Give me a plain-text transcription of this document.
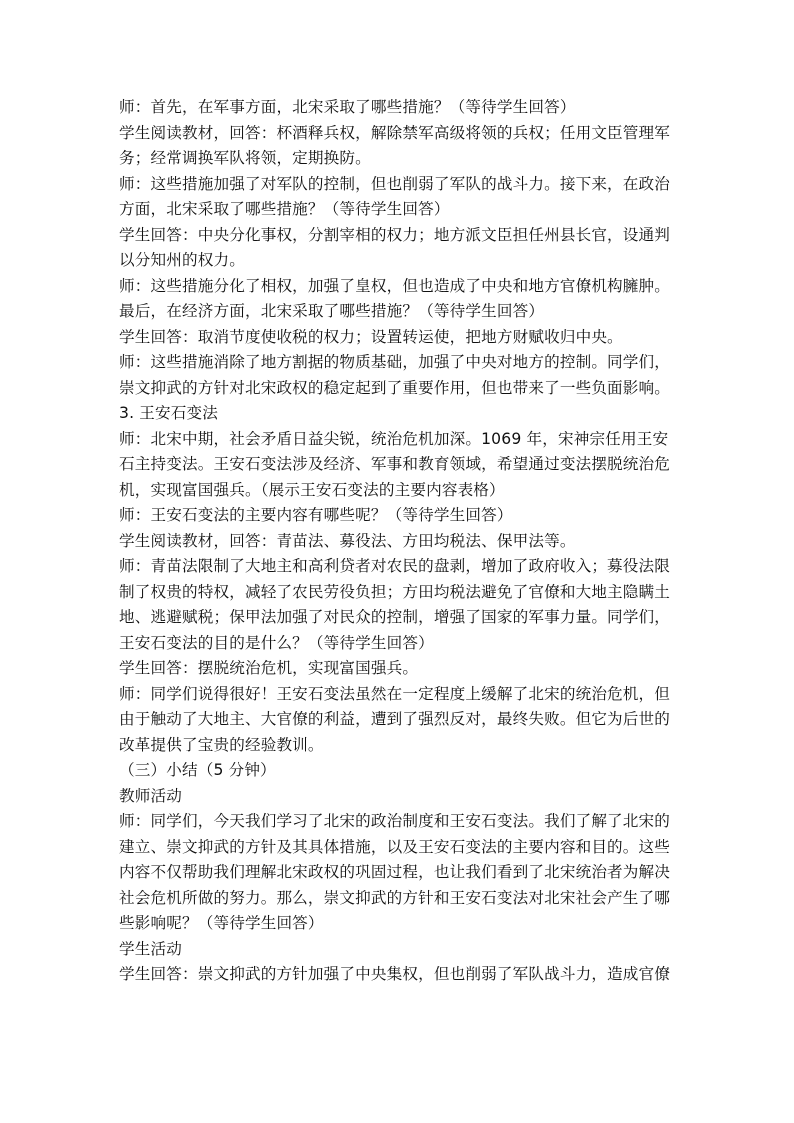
师：首先，在军事方面，北宋采取了哪些措施？（等待学生回答）
学生阅读教材，回答：杯酒释兵权，解除禁军高级将领的兵权；任用文臣管理军
务；经常调换军队将领，定期换防。
师：这些措施加强了对军队的控制，但也削弱了军队的战斗力。接下来，在政治
方面，北宋采取了哪些措施？（等待学生回答）
学生回答：中央分化事权，分割宰相的权力；地方派文臣担任州县长官，设通判
以分知州的权力。
师：这些措施分化了相权，加强了皇权，但也造成了中央和地方官僚机构臃肿。
最后，在经济方面，北宋采取了哪些措施？（等待学生回答）
学生回答：取消节度使收税的权力；设置转运使，把地方财赋收归中央。
师：这些措施消除了地方割据的物质基础，加强了中央对地方的控制。同学们，
崇文抑武的方针对北宋政权的稳定起到了重要作用，但也带来了一些负面影响。
3. 王安石变法
师：北宋中期，社会矛盾日益尖锐，统治危机加深。1069 年，宋神宗任用王安
石主持变法。王安石变法涉及经济、军事和教育领域，希望通过变法摆脱统治危
机，实现富国强兵。（展示王安石变法的主要内容表格）
师：王安石变法的主要内容有哪些呢？（等待学生回答）
学生阅读教材，回答：青苗法、募役法、方田均税法、保甲法等。
师：青苗法限制了大地主和高利贷者对农民的盘剥，增加了政府收入；募役法限
制了权贵的特权，减轻了农民劳役负担；方田均税法避免了官僚和大地主隐瞒土
地、逃避赋税；保甲法加强了对民众的控制，增强了国家的军事力量。同学们，
王安石变法的目的是什么？（等待学生回答）
学生回答：摆脱统治危机，实现富国强兵。
师：同学们说得很好！王安石变法虽然在一定程度上缓解了北宋的统治危机，但
由于触动了大地主、大官僚的利益，遭到了强烈反对，最终失败。但它为后世的
改革提供了宝贵的经验教训。
（三）小结（5 分钟）
教师活动
师：同学们，今天我们学习了北宋的政治制度和王安石变法。我们了解了北宋的
建立、崇文抑武的方针及其具体措施，以及王安石变法的主要内容和目的。这些
内容不仅帮助我们理解北宋政权的巩固过程，也让我们看到了北宋统治者为解决
社会危机所做的努力。那么，崇文抑武的方针和王安石变法对北宋社会产生了哪
些影响呢？（等待学生回答）
学生活动
学生回答：崇文抑武的方针加强了中央集权，但也削弱了军队战斗力，造成官僚
